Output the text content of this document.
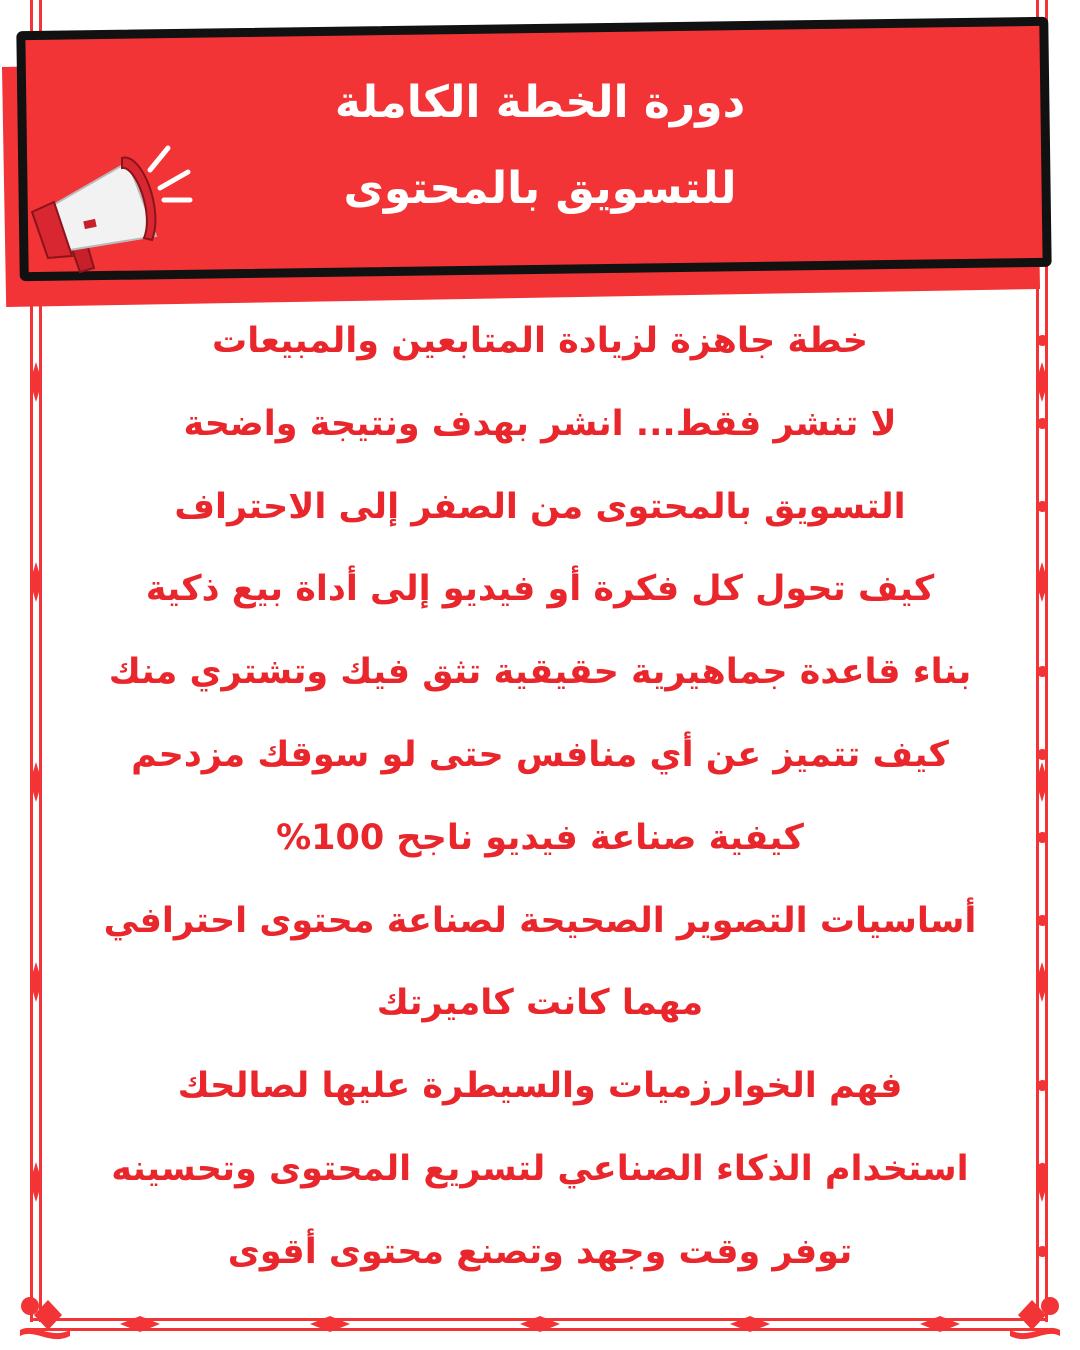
دورة الخطة الكاملة
للتسويق بالمحتوى
خطة جاهزة لزيادة المتابعين والمبيعات
لا تنشر فقط... انشر بهدف ونتيجة واضحة
التسويق بالمحتوى من الصفر إلى الاحتراف
كيف تحول كل فكرة أو فيديو إلى أداة بيع ذكية
بناء قاعدة جماهيرية حقيقية تثق فيك وتشتري منك
كيف تتميز عن أي منافس حتى لو سوقك مزدحم
كيفية صناعة فيديو ناجح 100%
أساسيات التصوير الصحيحة لصناعة محتوى احترافي
مهما كانت كاميرتك
فهم الخوارزميات والسيطرة عليها لصالحك
استخدام الذكاء الصناعي لتسريع المحتوى وتحسينه
توفر وقت وجهد وتصنع محتوى أقوى
